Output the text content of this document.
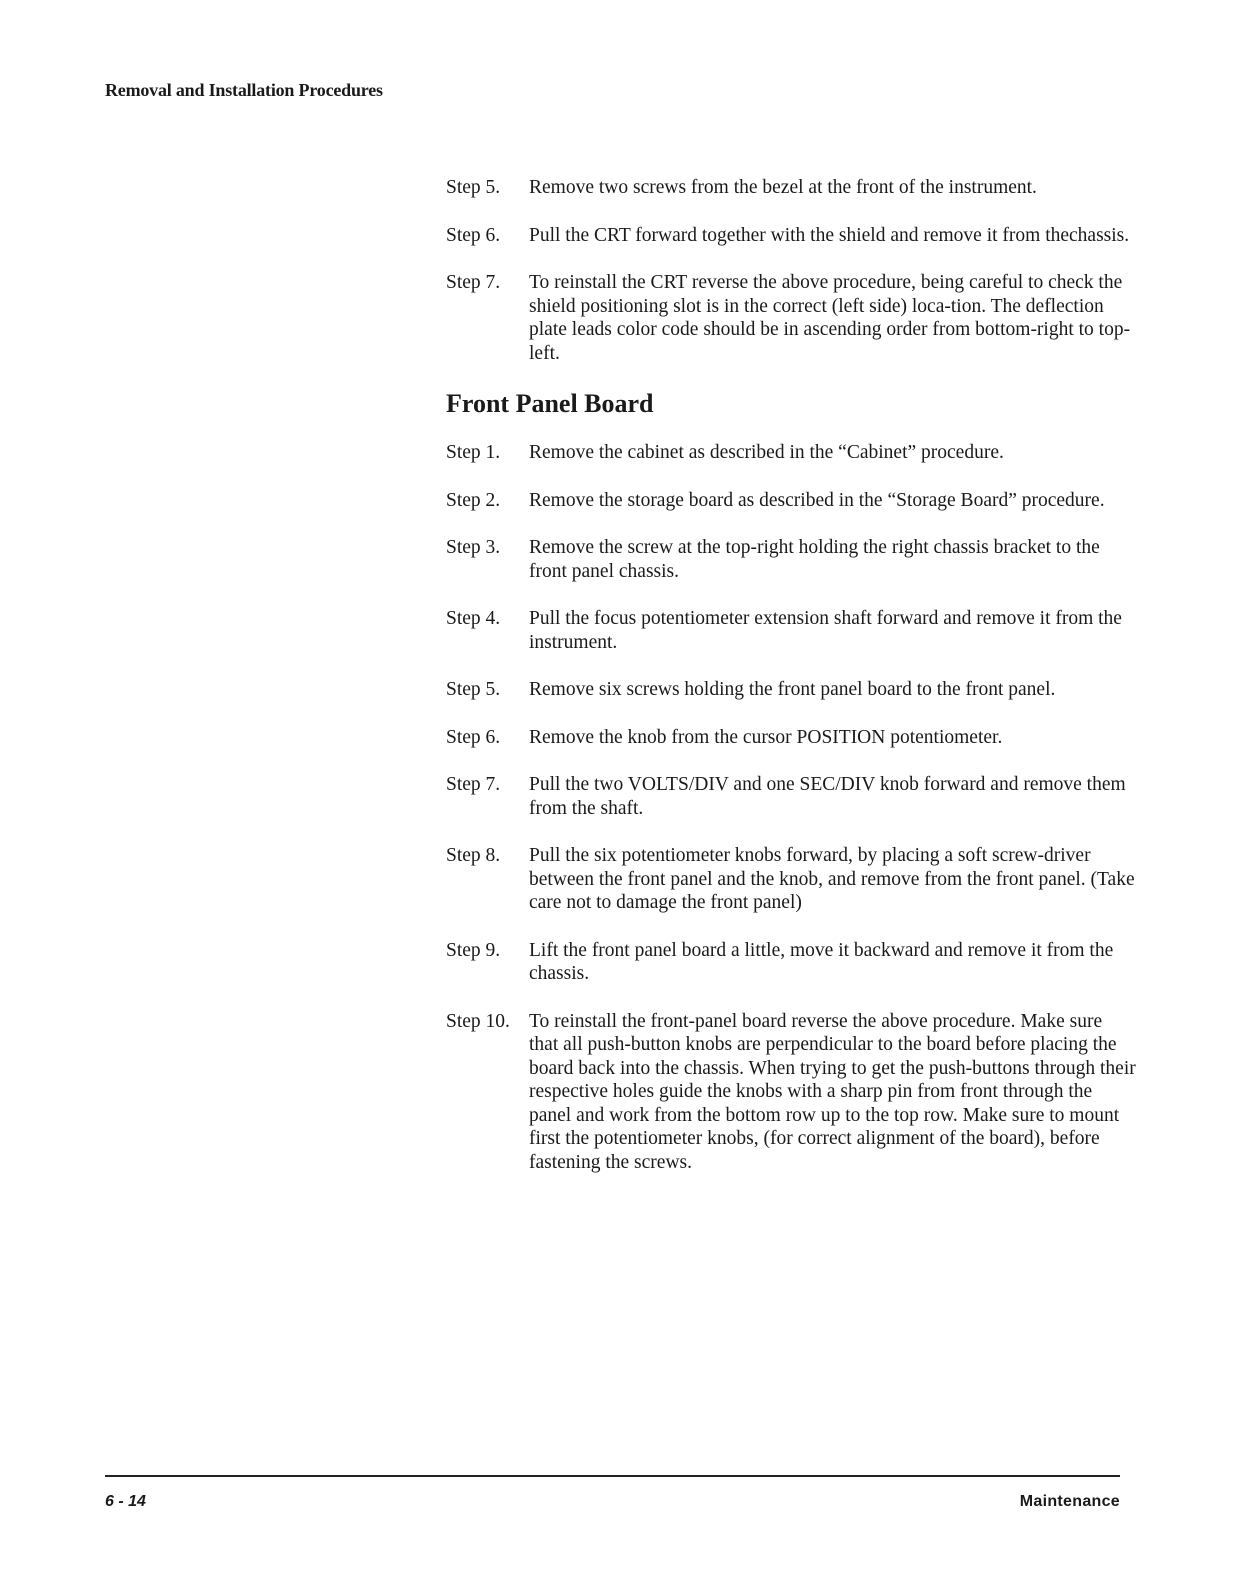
Removal and Installation Procedures
Step 5.	Remove two screws from the bezel at the front of the instrument.
Step 6.	Pull the CRT forward together with the shield and remove it from thechassis.
Step 7.	To reinstall the CRT reverse the above procedure, being careful to check the shield positioning slot is in the correct (left side) loca-tion. The deflection plate leads color code should be in ascending order from bottom-right to top-left.
Front Panel Board
Step 1.	Remove the cabinet as described in the “Cabinet” procedure.
Step 2.	Remove the storage board as described in the “Storage Board” procedure.
Step 3.	Remove the screw at the top-right holding the right chassis bracket to the front panel chassis.
Step 4.	Pull the focus potentiometer extension shaft forward and remove it from the instrument.
Step 5.	Remove six screws holding the front panel board to the front panel.
Step 6.	Remove the knob from the cursor POSITION potentiometer.
Step 7.	Pull the two VOLTS/DIV and one SEC/DIV knob forward and remove them from the shaft.
Step 8.	Pull the six potentiometer knobs forward, by placing a soft screw-driver between the front panel and the knob, and remove from the front panel. (Take care not to damage the front panel)
Step 9.	Lift the front panel board a little, move it backward and remove it from the chassis.
Step 10. To reinstall the front-panel board reverse the above procedure. Make sure that all push-button knobs are perpendicular to the board before placing the board back into the chassis. When trying to get the push-buttons through their respective holes guide the knobs with a sharp pin from front through the panel and work from the bottom row up to the top row. Make sure to mount first the potentiometer knobs, (for correct alignment of the board), before fastening the screws.
6 - 14	Maintenance
